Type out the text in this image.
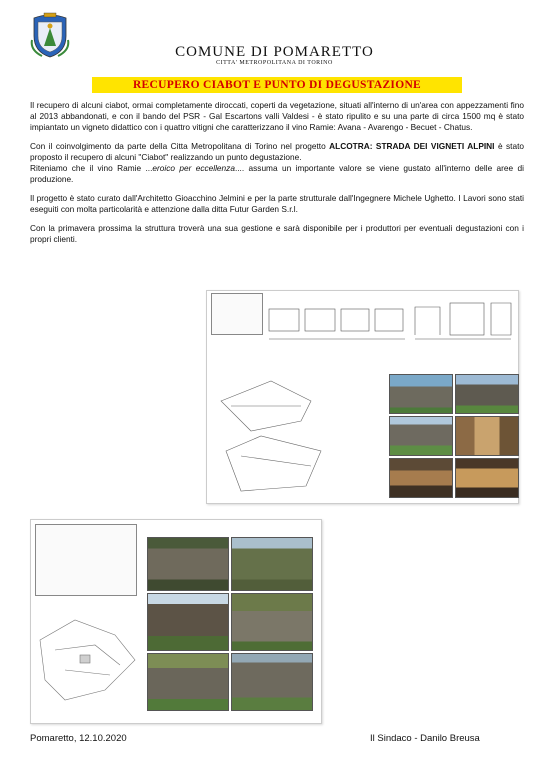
COMUNE DI POMARETTO
CITTA' METROPOLITANA DI TORINO
RECUPERO CIABOT E PUNTO DI DEGUSTAZIONE

Il recupero di alcuni ciabot, ormai completamente diroccati, coperti da vegetazione, situati all'interno di un'area con appezzamenti fino al 2013 abbandonati, e con il bando del PSR - Gal Escartons valli Valdesi - è stato ripulito e su una parte di circa 1500 mq è stato impiantato un vigneto didattico con i quattro vitigni che caratterizzano il vino Ramie: Avana - Avarengo - Becuet - Chatus.

Con il coinvolgimento da parte della Citta Metropolitana di Torino nel progetto ALCOTRA: STRADA DEI VIGNETI ALPINI è stato proposto il recupero di alcuni "Ciabot" realizzando un punto degustazione.
Riteniamo che il vino Ramie ...eroico per eccellenza.... assuma un importante valore se viene gustato all'interno delle aree di produzione.

Il progetto è stato curato dall'Architetto Gioacchino Jelmini e per la parte strutturale dall'Ingegnere Michele Ughetto. I Lavori sono stati eseguiti con molta particolarità e attenzione dalla ditta Futur Garden S.r.l.

Con la primavera prossima la struttura troverà una sua gestione e sarà disponibile per i produttori per eventuali degustazioni con i propri clienti.

Pomaretto, 12.10.2020	Il Sindaco - Danilo Breusa
